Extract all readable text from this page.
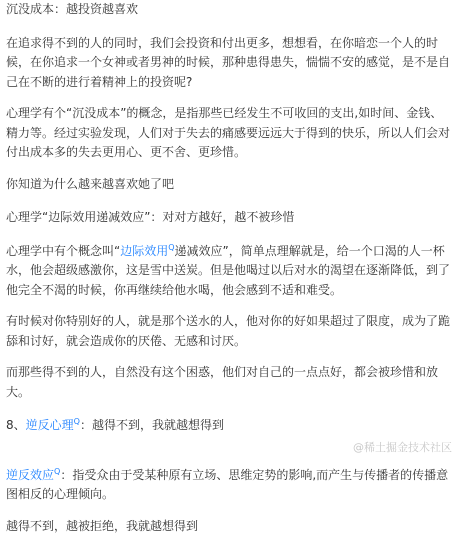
沉没成本：越投资越喜欢

在追求得不到的人的同时，我们会投资和付出更多，想想看，在你暗恋一个人的时候，在你追求一个女神或者男神的时候，那种患得患失，惴惴不安的感觉，是不是自己在不断的进行着精神上的投资呢?

心理学有个“沉没成本”的概念，是指那些已经发生不可收回的支出,如时间、金钱、精力等。经过实验发现，人们对于失去的痛感要远远大于得到的快乐，所以人们会对付出成本多的失去更用心、更不舍、更珍惜。

你知道为什么越来越喜欢她了吧

心理学“边际效用递减效应”：对对方越好，越不被珍惜

心理学中有个概念叫“边际效用$^Q$递减效应”，简单点理解就是，给一个口渴的人一杯水，他会超级感激你，这是雪中送炭。但是他喝过以后对水的渴望在逐渐降低，到了他完全不渴的时候，你再继续给他水喝，他会感到不适和难受。

有时候对你特别好的人，就是那个送水的人，他对你的好如果超过了限度，成为了跪舔和讨好，就会造成你的厌倦、无感和讨厌。

而那些得不到的人，自然没有这个困惑，他们对自己的一点点好，都会被珍惜和放大。

8、逆反心理$^Q$：越得不到，我就越想得到

逆反效应$^Q$：指受众由于受某种原有立场、思维定势的影响,而产生与传播者的传播意图相反的心理倾向。

越得不到，越被拒绝，我就越想得到

@稀土掘金技术社区
